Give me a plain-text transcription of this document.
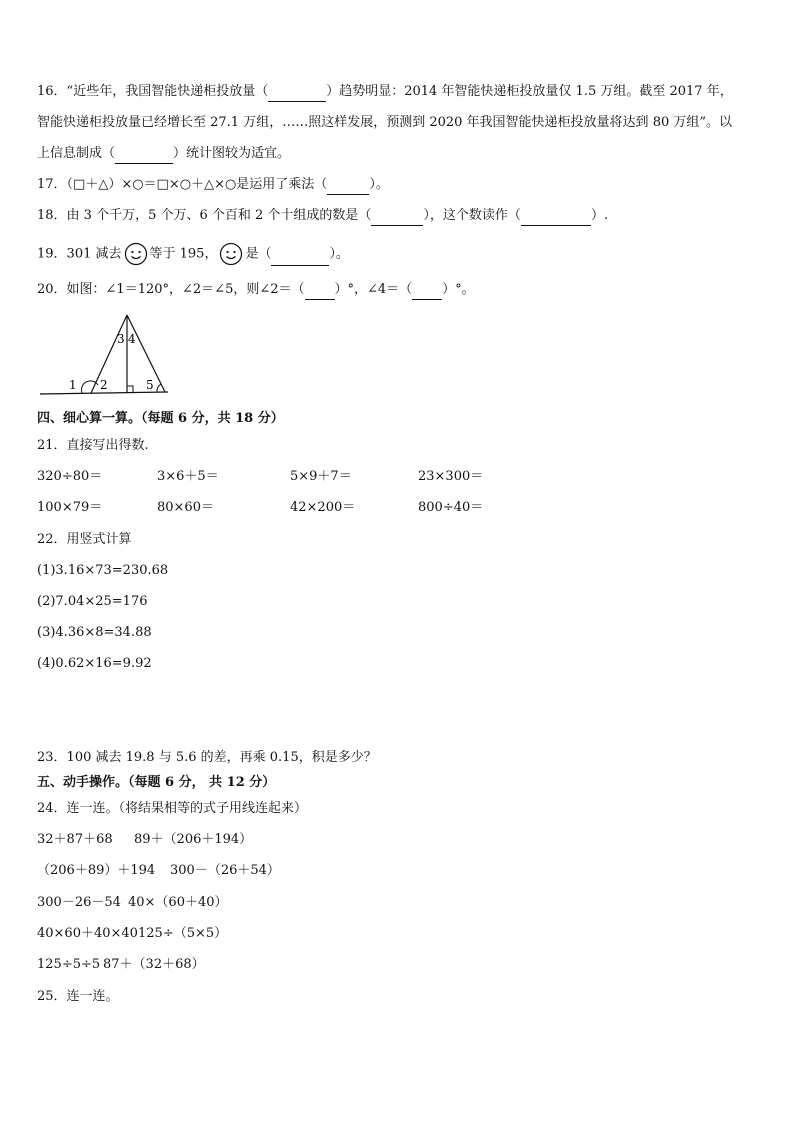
16．“近些年，我国智能快递柜投放量（	）趋势明显：2014 年智能快递柜投放量仅 1.5 万组。截至 2017 年，
智能快递柜投放量已经增长至 27.1 万组，……照这样发展，预测到 2020 年我国智能快递柜投放量将达到 80 万组”。以
上信息制成（	）统计图较为适宜。
17．（□＋△）×○＝□×○＋△×○是运用了乘法（	）。
18．由 3 个千万，5 个万、6 个百和 2 个十组成的数是（	），这个数读作（	）.
19．301 减去 等于 195， 是（	）。
20．如图：∠1＝120°，∠2＝∠5，则∠2＝（ ）°，∠4＝（ ）°。
1 2
3 4
5
四、细心算一算。（每题 6 分，共 18 分）
21．直接写出得数.
320÷80＝	3×6＋5＝	5×9＋7＝	23×300＝
100×79＝	80×60＝	42×200＝	800÷40＝
22．用竖式计算
(1)3.16×73=230.68
(2)7.04×25=176
(3)4.36×8=34.88
(4)0.62×16=9.92
23．100 减去 19.8 与 5.6 的差，再乘 0.15，积是多少？
五、动手操作。（每题 6 分， 共 12 分）
24．连一连。（将结果相等的式子用线连起来）
32＋87＋68 89＋（206＋194）
（206＋89）＋194 300－（26＋54）
300－26－54 40×（60＋40）
40×60＋40×40 125÷（5×5）
125÷5÷5 87＋（32＋68）
25．连一连。
